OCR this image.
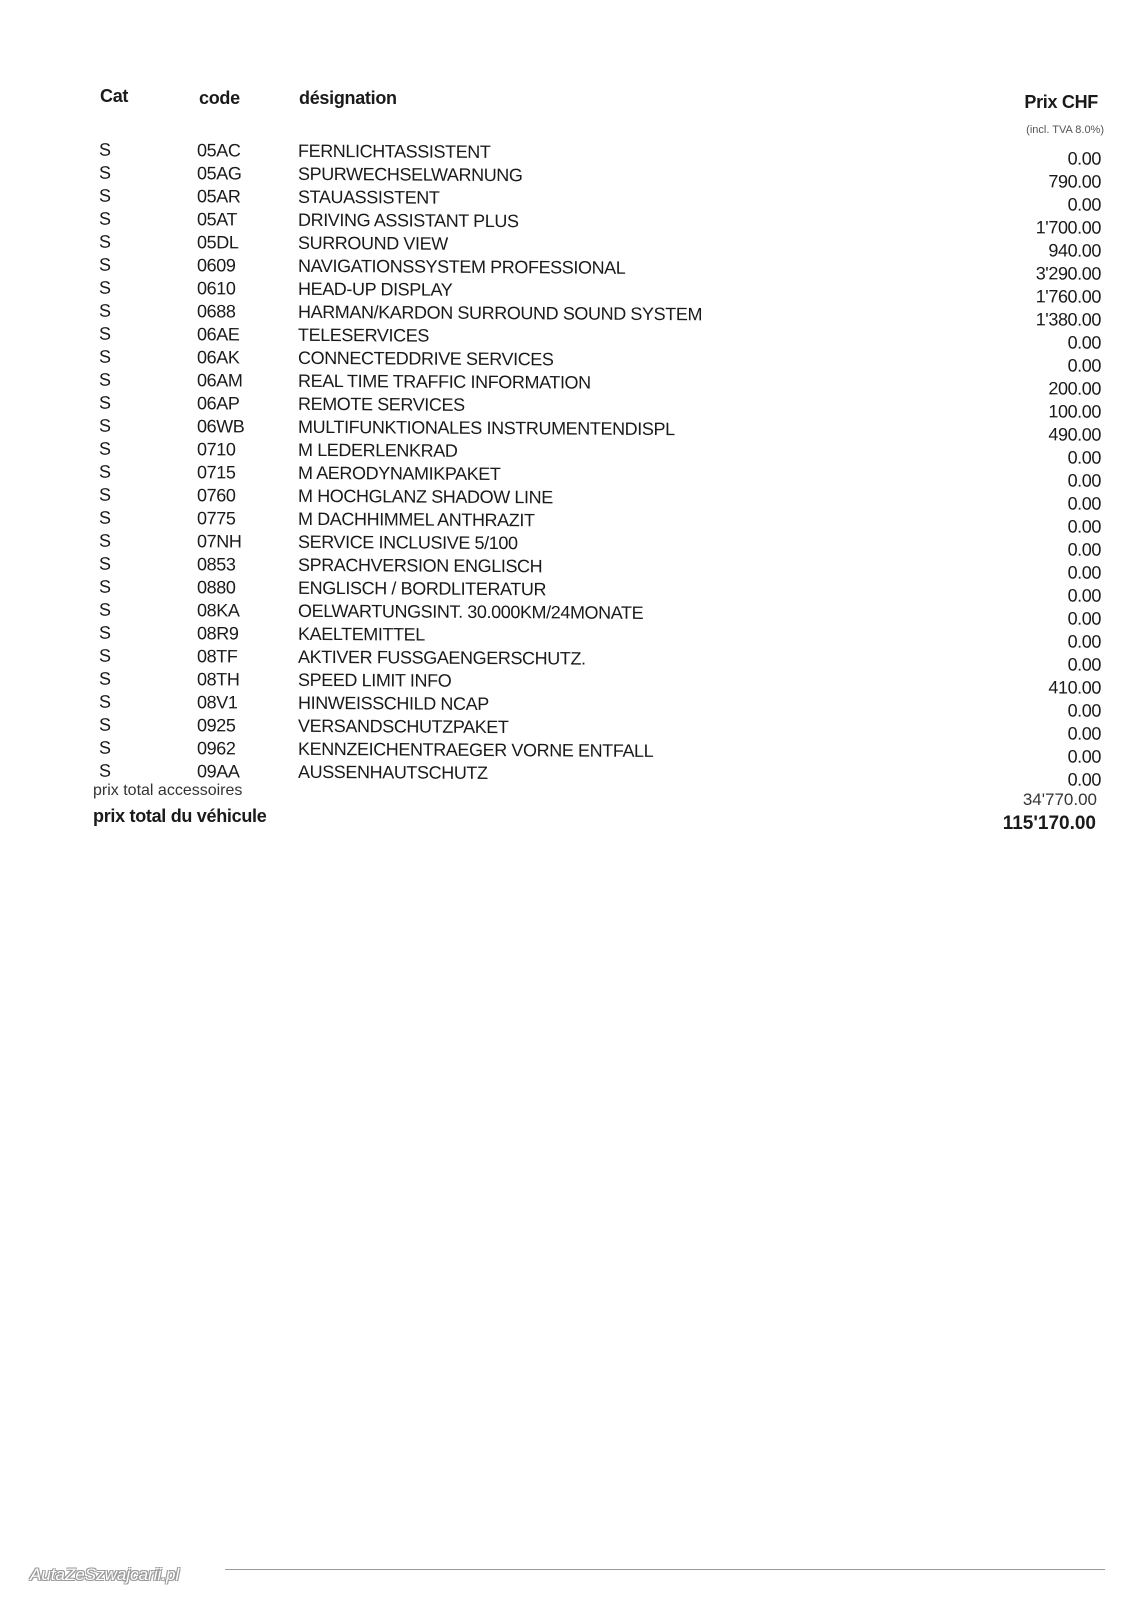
Cat	code	désignation	Prix CHF
(incl. TVA 8.0%)
S	05AC	FERNLICHTASSISTENT	0.00
S	05AG	SPURWECHSELWARNUNG	790.00
S	05AR	STAUASSISTENT	0.00
S	05AT	DRIVING ASSISTANT PLUS	1'700.00
S	05DL	SURROUND VIEW	940.00
S	0609	NAVIGATIONSSYSTEM PROFESSIONAL	3'290.00
S	0610	HEAD-UP DISPLAY	1'760.00
S	0688	HARMAN/KARDON SURROUND SOUND SYSTEM	1'380.00
S	06AE	TELESERVICES	0.00
S	06AK	CONNECTEDDRIVE SERVICES	0.00
S	06AM	REAL TIME TRAFFIC INFORMATION	200.00
S	06AP	REMOTE SERVICES	100.00
S	06WB	MULTIFUNKTIONALES INSTRUMENTENDISPL	490.00
S	0710	M LEDERLENKRAD	0.00
S	0715	M AERODYNAMIKPAKET	0.00
S	0760	M HOCHGLANZ SHADOW LINE	0.00
S	0775	M DACHHIMMEL ANTHRAZIT	0.00
S	07NH	SERVICE INCLUSIVE 5/100	0.00
S	0853	SPRACHVERSION ENGLISCH	0.00
S	0880	ENGLISCH / BORDLITERATUR	0.00
S	08KA	OELWARTUNGSINT. 30.000KM/24MONATE	0.00
S	08R9	KAELTEMITTEL	0.00
S	08TF	AKTIVER FUSSGAENGERSCHUTZ.	0.00
S	08TH	SPEED LIMIT INFO	410.00
S	08V1	HINWEISSCHILD NCAP	0.00
S	0925	VERSANDSCHUTZPAKET	0.00
S	0962	KENNZEICHENTRAEGER VORNE ENTFALL	0.00
S	09AA	AUSSENHAUTSCHUTZ	0.00
prix total accessoires	34'770.00
prix total du véhicule	115'170.00
AutaZeSzwajcarii.pl
